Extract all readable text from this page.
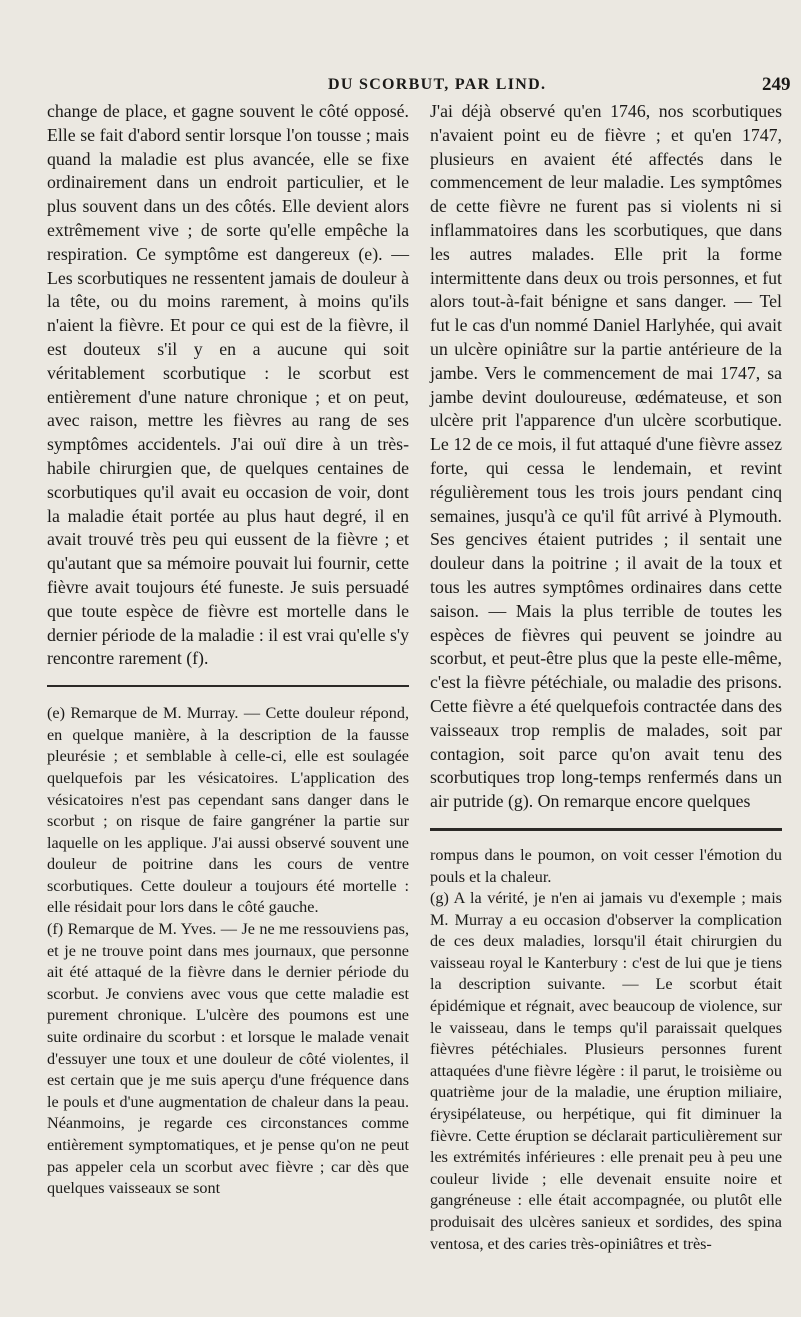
DU SCORBUT, PAR LIND.	249

change de place, et gagne souvent le côté opposé. Elle se fait d'abord sentir lorsque l'on tousse ; mais quand la maladie est plus avancée, elle se fixe ordinairement dans un endroit particulier, et le plus souvent dans un des côtés. Elle devient alors extrêmement vive ; de sorte qu'elle empêche la respiration. Ce symptôme est dangereux (e). — Les scorbutiques ne ressentent jamais de douleur à la tête, ou du moins rarement, à moins qu'ils n'aient la fièvre. Et pour ce qui est de la fièvre, il est douteux s'il y en a aucune qui soit véritablement scorbutique : le scorbut est entièrement d'une nature chronique ; et on peut, avec raison, mettre les fièvres au rang de ses symptômes accidentels. J'ai ouï dire à un très-habile chirurgien que, de quelques centaines de scorbutiques qu'il avait eu occasion de voir, dont la maladie était portée au plus haut degré, il en avait trouvé très peu qui eussent de la fièvre ; et qu'autant que sa mémoire pouvait lui fournir, cette fièvre avait toujours été funeste. Je suis persuadé que toute espèce de fièvre est mortelle dans le dernier période de la maladie : il est vrai qu'elle s'y rencontre rarement (f).

(e) Remarque de M. Murray. — Cette douleur répond, en quelque manière, à la description de la fausse pleurésie ; et semblable à celle-ci, elle est soulagée quelquefois par les vésicatoires. L'application des vésicatoires n'est pas cependant sans danger dans le scorbut ; on risque de faire gangréner la partie sur laquelle on les applique. J'ai aussi observé souvent une douleur de poitrine dans les cours de ventre scorbutiques. Cette douleur a toujours été mortelle : elle résidait pour lors dans le côté gauche.

(f) Remarque de M. Yves. — Je ne me ressouviens pas, et je ne trouve point dans mes journaux, que personne ait été attaqué de la fièvre dans le dernier période du scorbut. Je conviens avec vous que cette maladie est purement chronique. L'ulcère des poumons est une suite ordinaire du scorbut : et lorsque le malade venait d'essuyer une toux et une douleur de côté violentes, il est certain que je me suis aperçu d'une fréquence dans le pouls et d'une augmentation de chaleur dans la peau. Néanmoins, je regarde ces circonstances comme entièrement symptomatiques, et je pense qu'on ne peut pas appeler cela un scorbut avec fièvre ; car dès que quelques vaisseaux se sont

J'ai déjà observé qu'en 1746, nos scorbutiques n'avaient point eu de fièvre ; et qu'en 1747, plusieurs en avaient été affectés dans le commencement de leur maladie. Les symptômes de cette fièvre ne furent pas si violents ni si inflammatoires dans les scorbutiques, que dans les autres malades. Elle prit la forme intermittente dans deux ou trois personnes, et fut alors tout-à-fait bénigne et sans danger. — Tel fut le cas d'un nommé Daniel Harlyhée, qui avait un ulcère opiniâtre sur la partie antérieure de la jambe. Vers le commencement de mai 1747, sa jambe devint douloureuse, œdémateuse, et son ulcère prit l'apparence d'un ulcère scorbutique. Le 12 de ce mois, il fut attaqué d'une fièvre assez forte, qui cessa le lendemain, et revint régulièrement tous les trois jours pendant cinq semaines, jusqu'à ce qu'il fût arrivé à Plymouth. Ses gencives étaient putrides ; il sentait une douleur dans la poitrine ; il avait de la toux et tous les autres symptômes ordinaires dans cette saison. — Mais la plus terrible de toutes les espèces de fièvres qui peuvent se joindre au scorbut, et peut-être plus que la peste elle-même, c'est la fièvre pétéchiale, ou maladie des prisons. Cette fièvre a été quelquefois contractée dans des vaisseaux trop remplis de malades, soit par contagion, soit parce qu'on avait tenu des scorbutiques trop long-temps renfermés dans un air putride (g). On remarque encore quelques

rompus dans le poumon, on voit cesser l'émotion du pouls et la chaleur.

(g) A la vérité, je n'en ai jamais vu d'exemple ; mais M. Murray a eu occasion d'observer la complication de ces deux maladies, lorsqu'il était chirurgien du vaisseau royal le Kanterbury : c'est de lui que je tiens la description suivante. — Le scorbut était épidémique et régnait, avec beaucoup de violence, sur le vaisseau, dans le temps qu'il paraissait quelques fièvres pétéchiales. Plusieurs personnes furent attaquées d'une fièvre légère : il parut, le troisième ou quatrième jour de la maladie, une éruption miliaire, érysipélateuse, ou herpétique, qui fit diminuer la fièvre. Cette éruption se déclarait particulièrement sur les extrémités inférieures : elle prenait peu à peu une couleur livide ; elle devenait ensuite noire et gangréneuse : elle était accompagnée, ou plutôt elle produisait des ulcères sanieux et sordides, des spina ventosa, et des caries très-opiniâtres et très-
